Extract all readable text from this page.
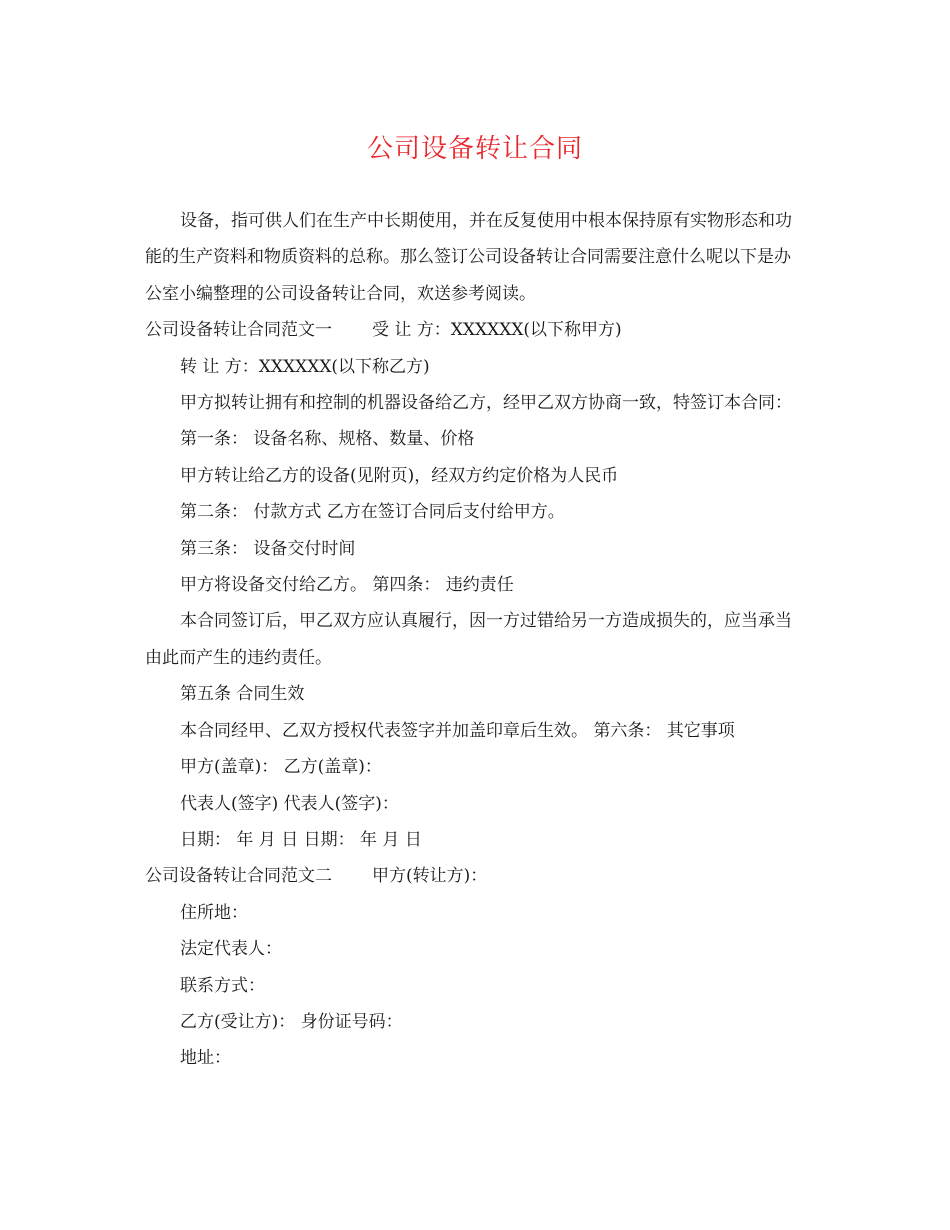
公司设备转让合同

设备，指可供人们在生产中长期使用，并在反复使用中根本保持原有实物形态和功能的生产资料和物质资料的总称。那么签订公司设备转让合同需要注意什么呢以下是办公室小编整理的公司设备转让合同，欢送参考阅读。

公司设备转让合同范文一 受 让 方：XXXXXX(以下称甲方)

转 让 方：XXXXXX(以下称乙方)

甲方拟转让拥有和控制的机器设备给乙方，经甲乙双方协商一致，特签订本合同：

第一条： 设备名称、规格、数量、价格

甲方转让给乙方的设备(见附页)，经双方约定价格为人民币

第二条： 付款方式 乙方在签订合同后支付给甲方。

第三条： 设备交付时间

甲方将设备交付给乙方。 第四条： 违约责任

本合同签订后，甲乙双方应认真履行，因一方过错给另一方造成损失的，应当承当由此而产生的违约责任。

第五条 合同生效

本合同经甲、乙双方授权代表签字并加盖印章后生效。 第六条： 其它事项

甲方(盖章)： 乙方(盖章)：

代表人(签字) 代表人(签字)：

日期： 年 月 日 日期： 年 月 日

公司设备转让合同范文二 甲方(转让方)：

住所地：

法定代表人：

联系方式：

乙方(受让方)： 身份证号码：

地址：
